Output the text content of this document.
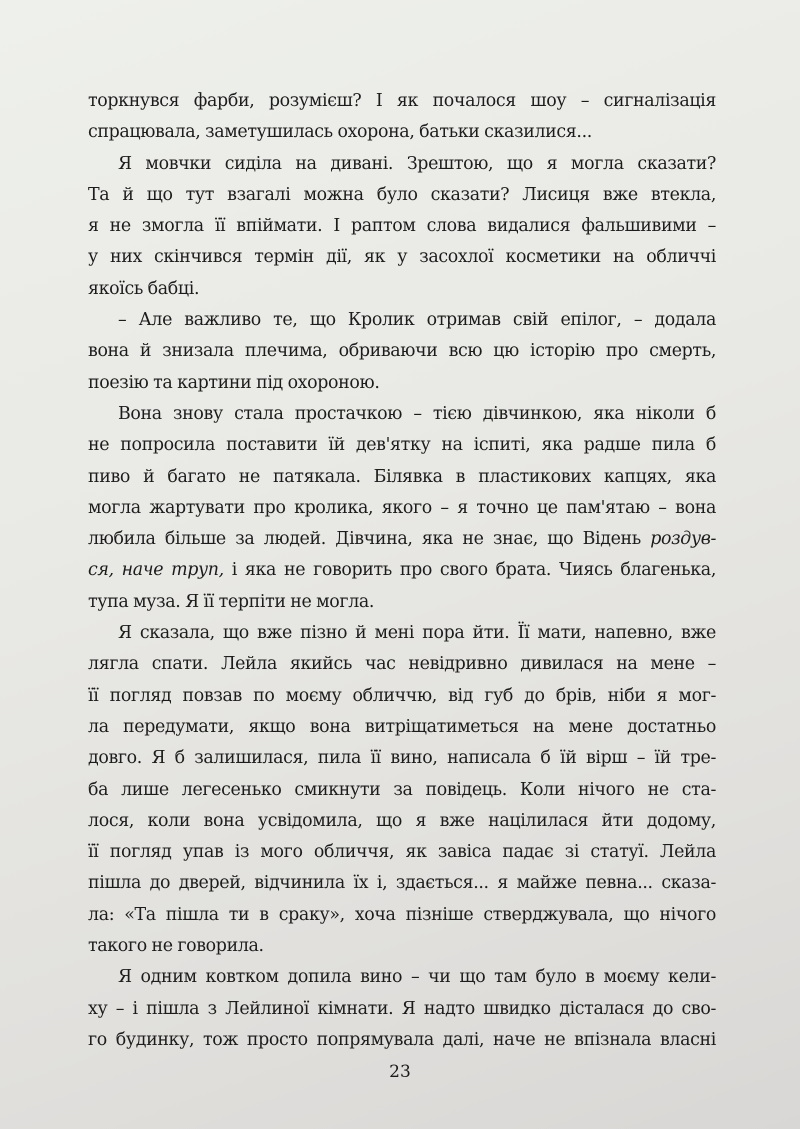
торкнувся фарби, розумієш? І як почалося шоу – сигналізація
спрацювала, заметушилась охорона, батьки сказилися...
Я мовчки сиділа на дивані. Зрештою, що я могла сказати?
Та й що тут взагалі можна було сказати? Лисиця вже втекла,
я не змогла її впіймати. І раптом слова видалися фальшивими –
у них скінчився термін дії, як у засохлої косметики на обличчі
якоїсь бабці.
– Але важливо те, що Кролик отримав свій епілог, – додала
вона й знизала плечима, обриваючи всю цю історію про смерть,
поезію та картини під охороною.
Вона знову стала простачкою – тією дівчинкою, яка ніколи б
не попросила поставити їй дев'ятку на іспиті, яка радше пила б
пиво й багато не патякала. Білявка в пластикових капцях, яка
могла жартувати про кролика, якого – я точно це пам'ятаю – вона
любила більше за людей. Дівчина, яка не знає, що Відень роздув-
ся, наче труп, і яка не говорить про свого брата. Чиясь благенька,
тупа муза. Я її терпіти не могла.
Я сказала, що вже пізно й мені пора йти. Її мати, напевно, вже
лягла спати. Лейла якийсь час невідривно дивилася на мене –
її погляд повзав по моєму обличчю, від губ до брів, ніби я мог-
ла передумати, якщо вона витріщатиметься на мене достатньо
довго. Я б залишилася, пила її вино, написала б їй вірш – їй тре-
ба лише легесенько смикнути за повідець. Коли нічого не ста-
лося, коли вона усвідомила, що я вже націлилася йти додому,
її погляд упав із мого обличчя, як завіса падає зі статуї. Лейла
пішла до дверей, відчинила їх і, здається... я майже певна... сказа-
ла: «Та пішла ти в сраку», хоча пізніше стверджувала, що нічого
такого не говорила.
Я одним ковтком допила вино – чи що там було в моєму кели-
ху – і пішла з Лейлиної кімнати. Я надто швидко дісталася до сво-
го будинку, тож просто попрямувала далі, наче не впізнала власні
23
